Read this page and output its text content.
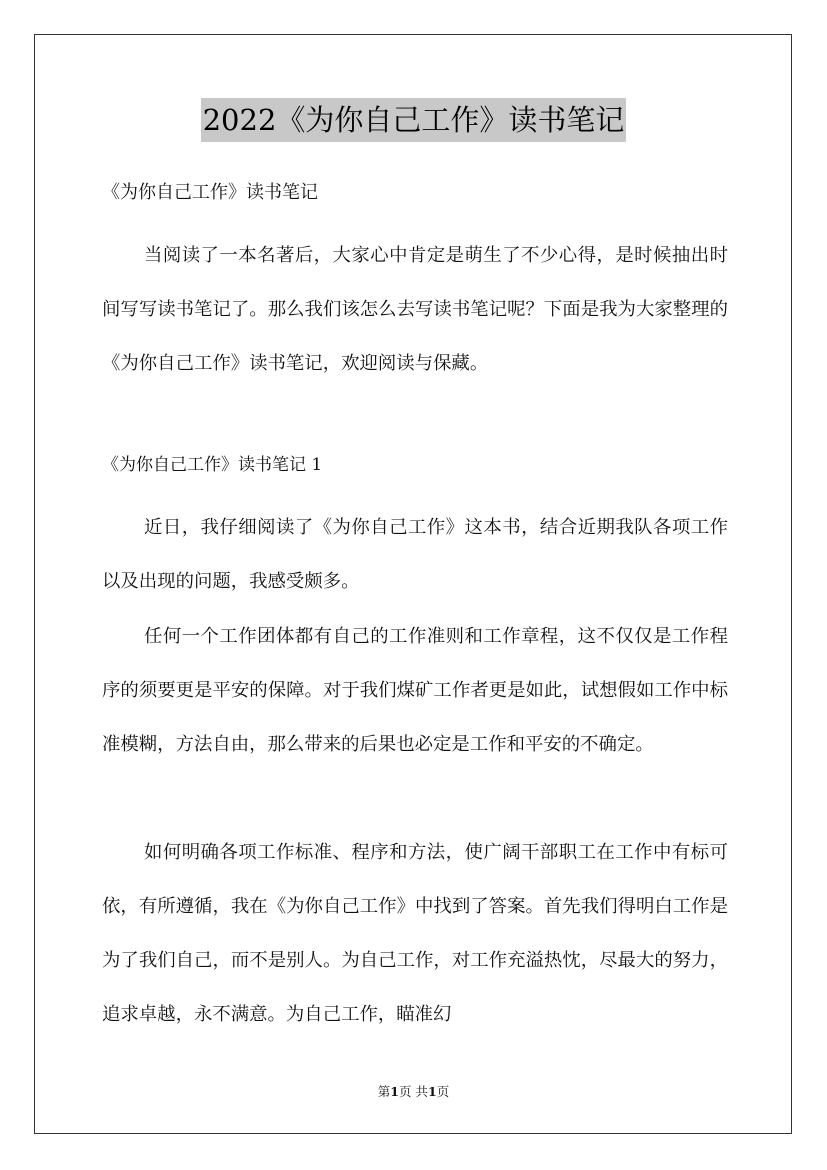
2022《为你自己工作》读书笔记
《为你自己工作》读书笔记

当阅读了一本名著后，大家心中肯定是萌生了不少心得，是时候抽出时间写写读书笔记了。那么我们该怎么去写读书笔记呢？下面是我为大家整理的《为你自己工作》读书笔记，欢迎阅读与保藏。

《为你自己工作》读书笔记 1

近日，我仔细阅读了《为你自己工作》这本书，结合近期我队各项工作以及出现的问题，我感受颇多。

任何一个工作团体都有自己的工作准则和工作章程，这不仅仅是工作程序的须要更是平安的保障。对于我们煤矿工作者更是如此，试想假如工作中标准模糊，方法自由，那么带来的后果也必定是工作和平安的不确定。

如何明确各项工作标准、程序和方法，使广阔干部职工在工作中有标可依，有所遵循，我在《为你自己工作》中找到了答案。首先我们得明白工作是为了我们自己，而不是别人。为自己工作，对工作充溢热忱，尽最大的努力，追求卓越，永不满意。为自己工作，瞄准幻

第1页 共1页
